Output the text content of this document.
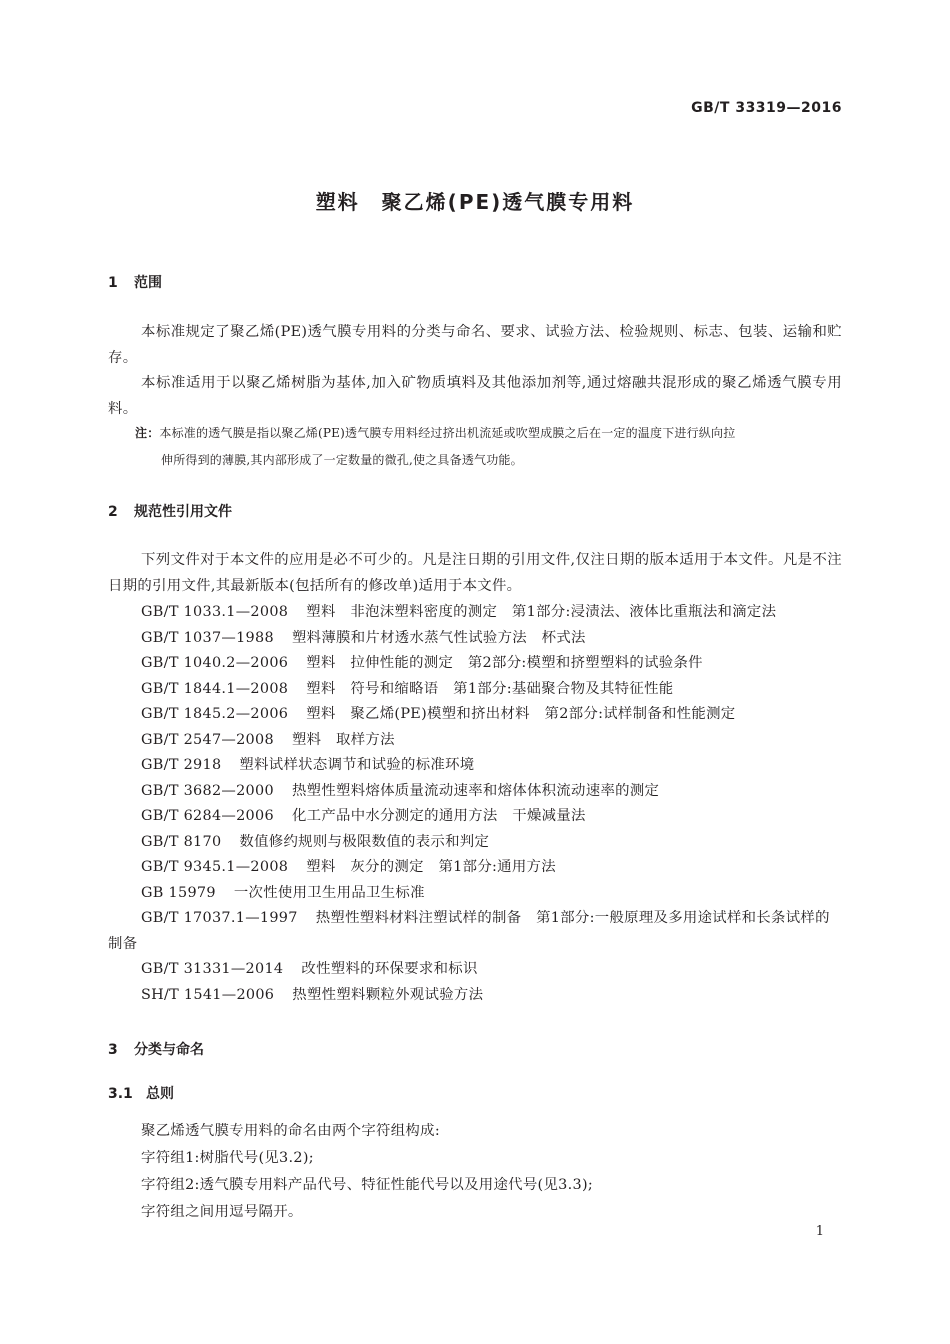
GB/T 33319—2016
塑料　聚乙烯(PE)透气膜专用料
1 范围
本标准规定了聚乙烯(PE)透气膜专用料的分类与命名、要求、试验方法、检验规则、标志、包装、运输和贮存。
本标准适用于以聚乙烯树脂为基体,加入矿物质填料及其他添加剂等,通过熔融共混形成的聚乙烯透气膜专用料。
注：本标准的透气膜是指以聚乙烯(PE)透气膜专用料经过挤出机流延或吹塑成膜之后在一定的温度下进行纵向拉
伸所得到的薄膜,其内部形成了一定数量的微孔,使之具备透气功能。
2 规范性引用文件
下列文件对于本文件的应用是必不可少的。凡是注日期的引用文件,仅注日期的版本适用于本文件。凡是不注日期的引用文件,其最新版本(包括所有的修改单)适用于本文件。
GB/T 1033.1—2008 塑料　非泡沫塑料密度的测定　第1部分:浸渍法、液体比重瓶法和滴定法
GB/T 1037—1988 塑料薄膜和片材透水蒸气性试验方法　杯式法
GB/T 1040.2—2006 塑料　拉伸性能的测定　第2部分:模塑和挤塑塑料的试验条件
GB/T 1844.1—2008 塑料　符号和缩略语　第1部分:基础聚合物及其特征性能
GB/T 1845.2—2006 塑料　聚乙烯(PE)模塑和挤出材料　第2部分:试样制备和性能测定
GB/T 2547—2008 塑料　取样方法
GB/T 2918 塑料试样状态调节和试验的标准环境
GB/T 3682—2000 热塑性塑料熔体质量流动速率和熔体体积流动速率的测定
GB/T 6284—2006 化工产品中水分测定的通用方法　干燥减量法
GB/T 8170 数值修约规则与极限数值的表示和判定
GB/T 9345.1—2008 塑料　灰分的测定　第1部分:通用方法
GB 15979 一次性使用卫生用品卫生标准
GB/T 17037.1—1997 热塑性塑料材料注塑试样的制备　第1部分:一般原理及多用途试样和长条试样的制备
GB/T 31331—2014 改性塑料的环保要求和标识
SH/T 1541—2006 热塑性塑料颗粒外观试验方法
3 分类与命名
3.1 总则
聚乙烯透气膜专用料的命名由两个字符组构成:
字符组1:树脂代号(见3.2);
字符组2:透气膜专用料产品代号、特征性能代号以及用途代号(见3.3);
字符组之间用逗号隔开。
1
